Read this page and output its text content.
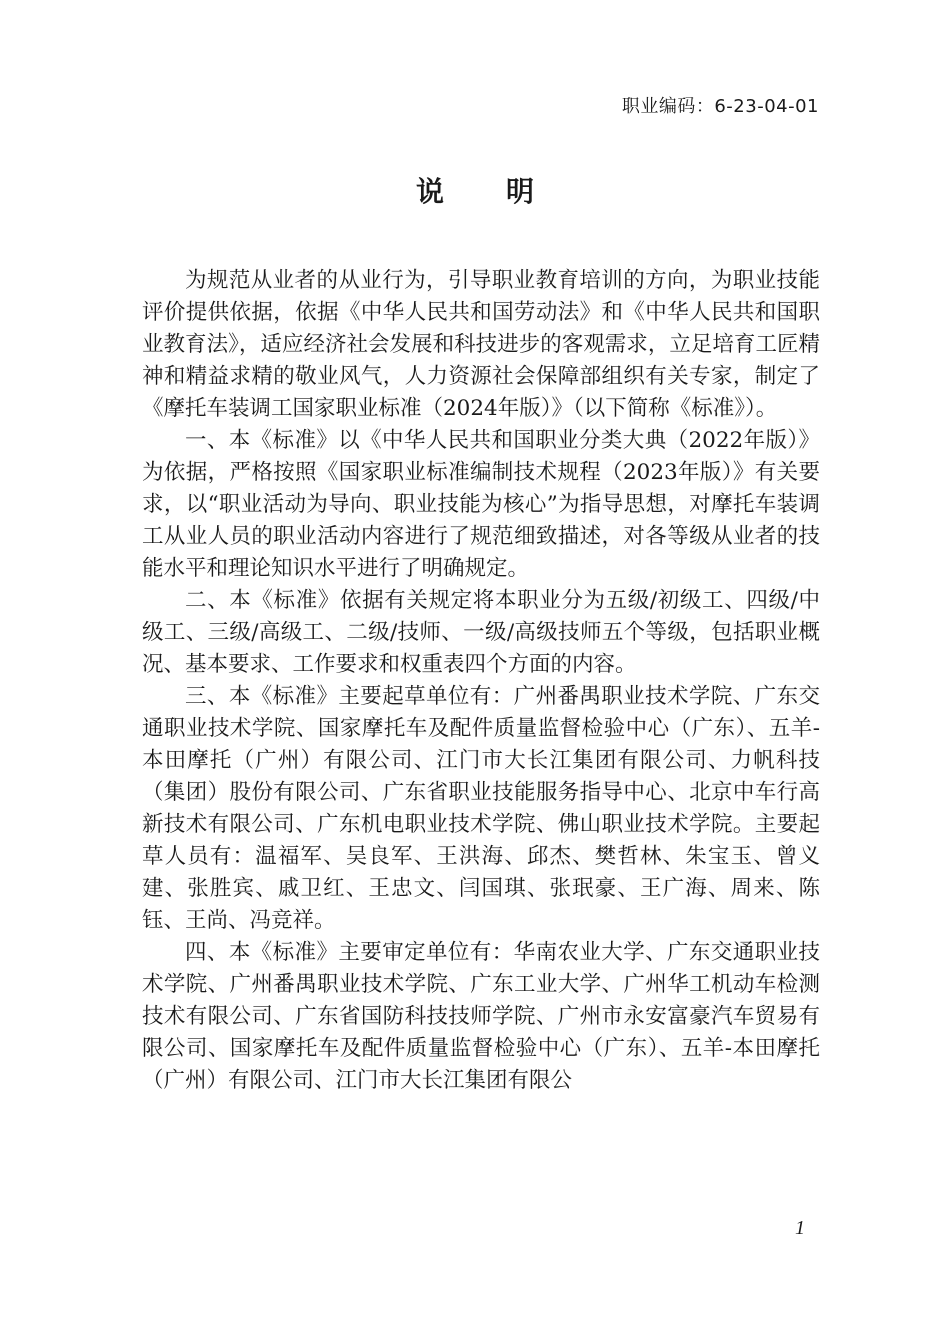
职业编码：6-23-04-01
说明

为规范从业者的从业行为，引导职业教育培训的方向，为职业技能评价提供依据，依据《中华人民共和国劳动法》和《中华人民共和国职业教育法》，适应经济社会发展和科技进步的客观需求，立足培育工匠精神和精益求精的敬业风气，人力资源社会保障部组织有关专家，制定了《摩托车装调工国家职业标准（2024年版）》（以下简称《标准》）。

一、本《标准》以《中华人民共和国职业分类大典（2022年版）》为依据，严格按照《国家职业标准编制技术规程（2023年版）》有关要求，以“职业活动为导向、职业技能为核心”为指导思想，对摩托车装调工从业人员的职业活动内容进行了规范细致描述，对各等级从业者的技能水平和理论知识水平进行了明确规定。

二、本《标准》依据有关规定将本职业分为五级/初级工、四级/中级工、三级/高级工、二级/技师、一级/高级技师五个等级，包括职业概况、基本要求、工作要求和权重表四个方面的内容。

三、本《标准》主要起草单位有：广州番禺职业技术学院、广东交通职业技术学院、国家摩托车及配件质量监督检验中心（广东）、五羊-本田摩托（广州）有限公司、江门市大长江集团有限公司、力帆科技（集团）股份有限公司、广东省职业技能服务指导中心、北京中车行高新技术有限公司、广东机电职业技术学院、佛山职业技术学院。主要起草人员有：温福军、吴良军、王洪海、邱杰、樊哲林、朱宝玉、曾义建、张胜宾、戚卫红、王忠文、闫国琪、张珉豪、王广海、周来、陈钰、王尚、冯竞祥。

四、本《标准》主要审定单位有：华南农业大学、广东交通职业技术学院、广州番禺职业技术学院、广东工业大学、广州华工机动车检测技术有限公司、广东省国防科技技师学院、广州市永安富豪汽车贸易有限公司、国家摩托车及配件质量监督检验中心（广东）、五羊-本田摩托（广州）有限公司、江门市大长江集团有限公

1
